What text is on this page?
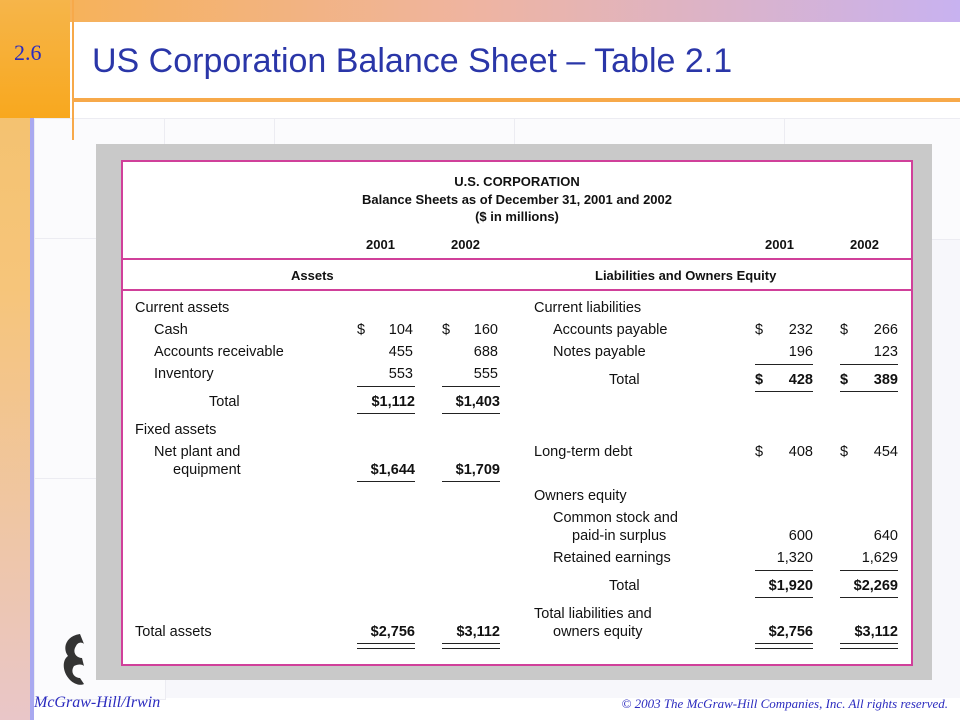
2.6 US Corporation Balance Sheet – Table 2.1
U.S. CORPORATION
Balance Sheets as of December 31, 2001 and 2002
($ in millions)
2001	2002	2001	2002
Assets	Liabilities and Owners Equity
Current assets
Cash	$	104 $	160
Accounts receivable	455	688
Inventory	553	555
Total	$1,112	$1,403
Fixed assets
Net plant and
equipment	$1,644	$1,709
Total assets	$2,756	$3,112
Current liabilities
Accounts payable	$	232 $	266
Notes payable	196	123
Total	$	428 $	389
Long-term debt	$	408 $	454
Owners equity
Common stock and
paid-in surplus	600	640
Retained earnings	1,320	1,629
Total	$1,920	$2,269
Total liabilities and
owners equity	$2,756	$3,112
McGraw-Hill/Irwin	© 2003 The McGraw-Hill Companies, Inc. All rights reserved.
